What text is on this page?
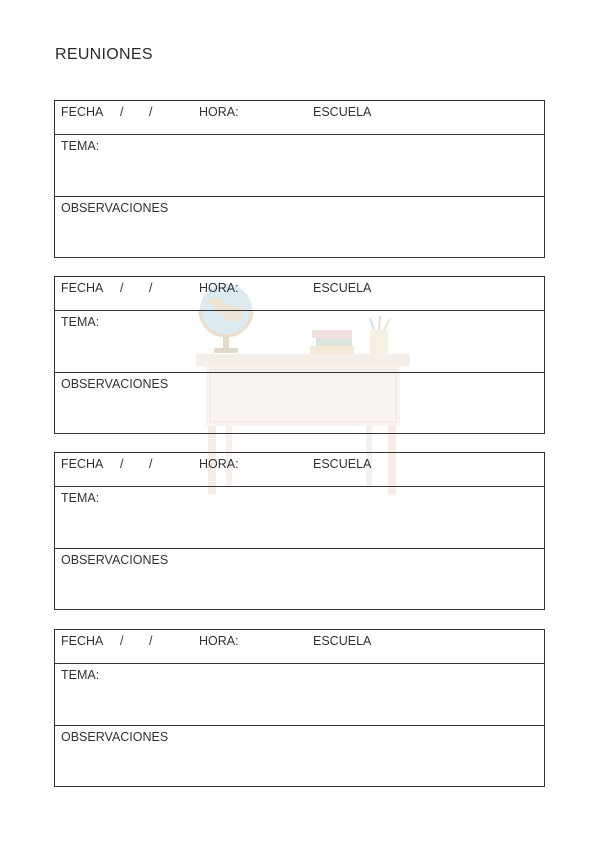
REUNIONES
FECHA / /	HORA:	ESCUELA
TEMA:
OBSERVACIONES
FECHA / /	HORA:	ESCUELA
TEMA:
OBSERVACIONES
FECHA / /	HORA:	ESCUELA
TEMA:
OBSERVACIONES
FECHA / /	HORA:	ESCUELA
TEMA:
OBSERVACIONES
